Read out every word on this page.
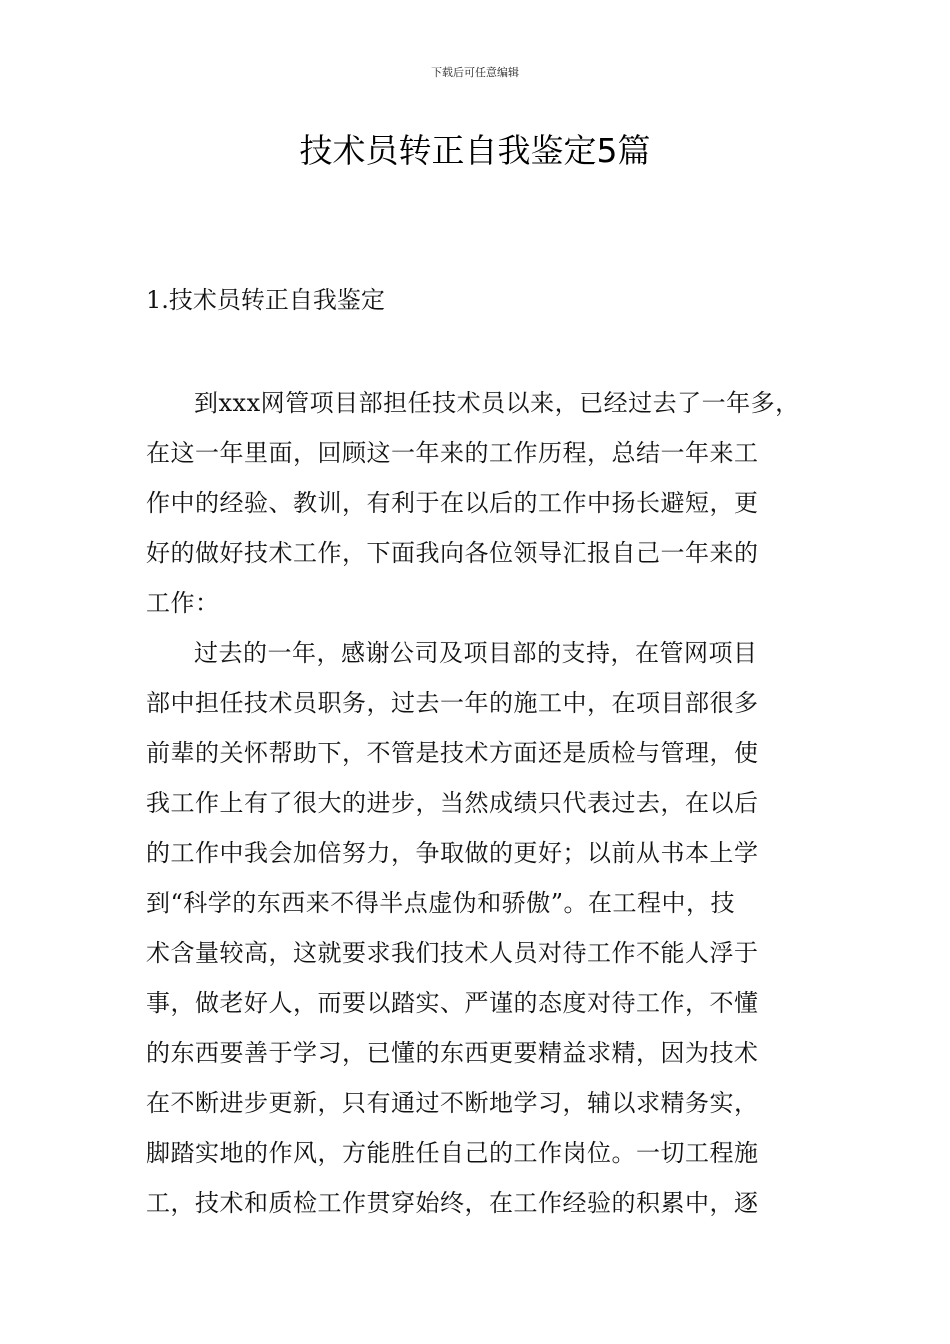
下载后可任意编辑
技术员转正自我鉴定5篇
1.技术员转正自我鉴定

到xxx网管项目部担任技术员以来，已经过去了一年多，
在这一年里面，回顾这一年来的工作历程，总结一年来工
作中的经验、教训，有利于在以后的工作中扬长避短，更
好的做好技术工作，下面我向各位领导汇报自己一年来的
工作：

过去的一年，感谢公司及项目部的支持，在管网项目
部中担任技术员职务，过去一年的施工中，在项目部很多
前辈的关怀帮助下，不管是技术方面还是质检与管理，使
我工作上有了很大的进步，当然成绩只代表过去，在以后
的工作中我会加倍努力，争取做的更好；以前从书本上学
到“科学的东西来不得半点虚伪和骄傲”。在工程中，技
术含量较高，这就要求我们技术人员对待工作不能人浮于
事，做老好人，而要以踏实、严谨的态度对待工作，不懂
的东西要善于学习，已懂的东西更要精益求精，因为技术
在不断进步更新，只有通过不断地学习，辅以求精务实，
脚踏实地的作风，方能胜任自己的工作岗位。一切工程施
工，技术和质检工作贯穿始终，在工作经验的积累中，逐
